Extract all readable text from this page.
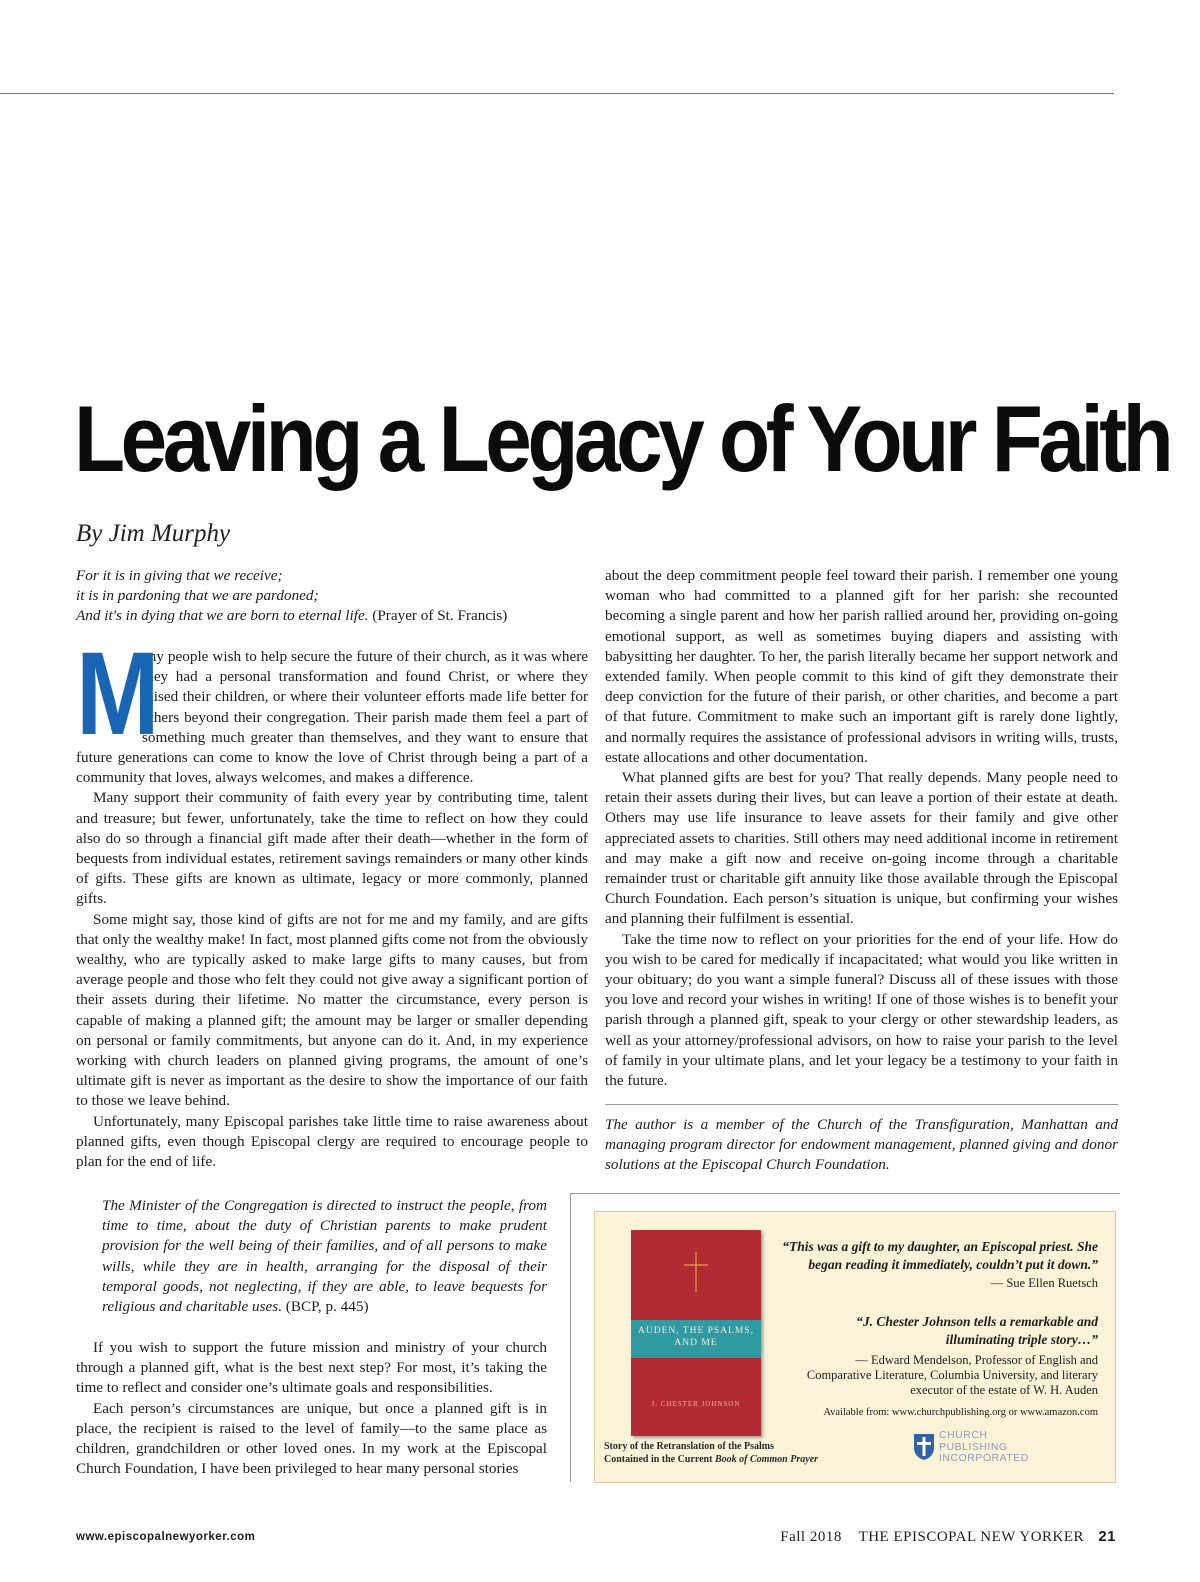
Leaving a Legacy of Your Faith
By Jim Murphy
For it is in giving that we receive;
it is in pardoning that we are pardoned;
And it's in dying that we are born to eternal life. (Prayer of St. Francis)

M
any people wish to help secure the future of their church, as it was where they had a personal transformation and found Christ, or where they raised their children, or where their volunteer efforts made life better for others beyond their congregation. Their parish made them feel a part of something much greater than themselves, and they want to ensure that future generations can come to know the love of Christ through being a part of a community that loves, always welcomes, and makes a difference.

Many support their community of faith every year by contributing time, talent and treasure; but fewer, unfortunately, take the time to reflect on how they could also do so through a financial gift made after their death—whether in the form of bequests from individual estates, retirement savings remainders or many other kinds of gifts. These gifts are known as ultimate, legacy or more commonly, planned gifts.

Some might say, those kind of gifts are not for me and my family, and are gifts that only the wealthy make! In fact, most planned gifts come not from the obviously wealthy, who are typically asked to make large gifts to many causes, but from average people and those who felt they could not give away a significant portion of their assets during their lifetime. No matter the circumstance, every person is capable of making a planned gift; the amount may be larger or smaller depending on personal or family commitments, but anyone can do it. And, in my experience working with church leaders on planned giving programs, the amount of one’s ultimate gift is never as important as the desire to show the importance of our faith to those we leave behind.

Unfortunately, many Episcopal parishes take little time to raise awareness about planned gifts, even though Episcopal clergy are required to encourage people to plan for the end of life.

The Minister of the Congregation is directed to instruct the people, from time to time, about the duty of Christian parents to make prudent provision for the well being of their families, and of all persons to make wills, while they are in health, arranging for the disposal of their temporal goods, not neglecting, if they are able, to leave bequests for religious and charitable uses. (BCP, p. 445)

If you wish to support the future mission and ministry of your church through a planned gift, what is the best next step? For most, it’s taking the time to reflect and consider one’s ultimate goals and responsibilities.

Each person’s circumstances are unique, but once a planned gift is in place, the recipient is raised to the level of family—to the same place as children, grandchildren or other loved ones. In my work at the Episcopal Church Foundation, I have been privileged to hear many personal stories

about the deep commitment people feel toward their parish. I remember one young woman who had committed to a planned gift for her parish: she recounted becoming a single parent and how her parish rallied around her, providing on-going emotional support, as well as sometimes buying diapers and assisting with babysitting her daughter. To her, the parish literally became her support network and extended family. When people commit to this kind of gift they demonstrate their deep conviction for the future of their parish, or other charities, and become a part of that future. Commitment to make such an important gift is rarely done lightly, and normally requires the assistance of professional advisors in writing wills, trusts, estate allocations and other documentation.

What planned gifts are best for you? That really depends. Many people need to retain their assets during their lives, but can leave a portion of their estate at death. Others may use life insurance to leave assets for their family and give other appreciated assets to charities. Still others may need additional income in retirement and may make a gift now and receive on-going income through a charitable remainder trust or charitable gift annuity like those available through the Episcopal Church Foundation. Each person’s situation is unique, but confirming your wishes and planning their fulfilment is essential.

Take the time now to reflect on your priorities for the end of your life. How do you wish to be cared for medically if incapacitated; what would you like written in your obituary; do you want a simple funeral? Discuss all of these issues with those you love and record your wishes in writing! If one of those wishes is to benefit your parish through a planned gift, speak to your clergy or other stewardship leaders, as well as your attorney/professional advisors, on how to raise your parish to the level of family in your ultimate plans, and let your legacy be a testimony to your faith in the future.

The author is a member of the Church of the Transfiguration, Manhattan and managing program director for endowment management, planned giving and donor solutions at the Episcopal Church Foundation.
AUDEN, THE PSALMS, AND ME
J. CHESTER JOHNSON
Story of the Retranslation of the Psalms
Contained in the Current Book of Common Prayer
“This was a gift to my daughter, an Episcopal priest. She began reading it immediately, couldn’t put it down.”
— Sue Ellen Ruetsch
“J. Chester Johnson tells a remarkable and illuminating triple story…”
— Edward Mendelson, Professor of English and Comparative Literature, Columbia University, and literary executor of the estate of W. H. Auden
Available from: www.churchpublishing.org or www.amazon.com
CHURCH
PUBLISHING
INCORPORATED
www.episcopalnewyorker.com	Fall 2018 THE EPISCOPAL NEW YORKER 21
